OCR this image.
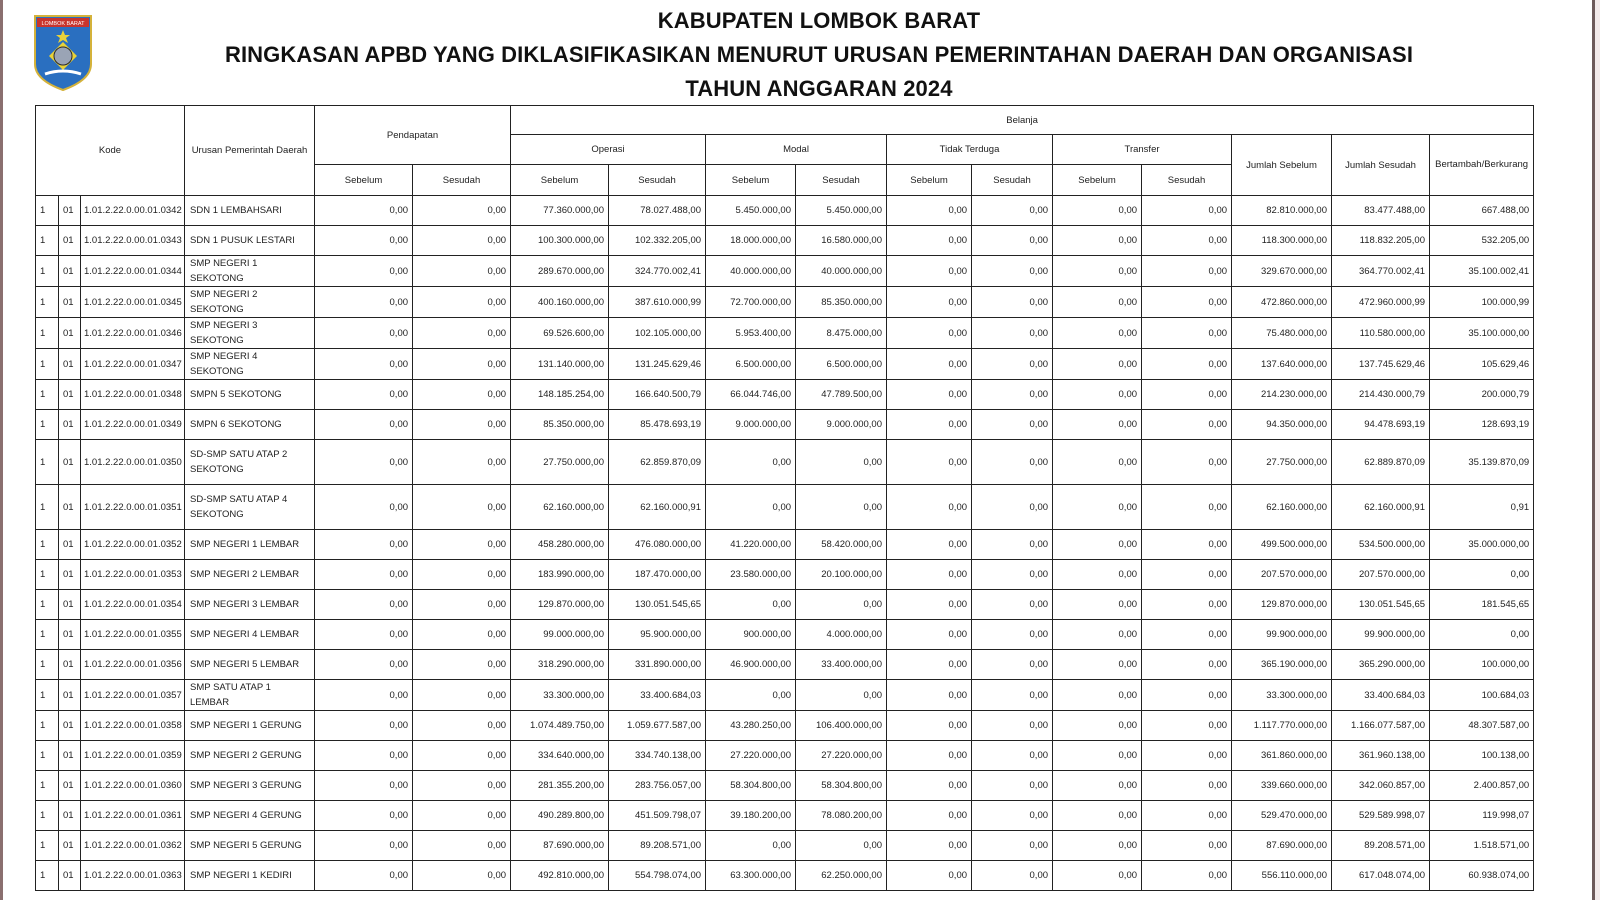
LOMBOK BARAT	KABUPATEN LOMBOK BARAT
RINGKASAN APBD YANG DIKLASIFIKASIKAN MENURUT URUSAN PEMERINTAHAN DAERAH DAN ORGANISASI
TAHUN ANGGARAN 2024
Kode			Urusan Pemerintah Daerah	Pendapatan		Belanja										
						Operasi		Modal		Tidak Terduga		Transfer		Jumlah Sebelum	Jumlah Sesudah	Bertambah/Berkurang
				Sebelum	Sesudah	Sebelum	Sesudah	Sebelum	Sesudah	Sebelum	Sesudah	Sebelum	Sesudah			
1	01	1.01.2.22.0.00.01.0342	SDN 1 LEMBAHSARI	0,00	0,00	77.360.000,00	78.027.488,00	5.450.000,00	5.450.000,00	0,00	0,00	0,00	0,00	82.810.000,00	83.477.488,00	667.488,00
1	01	1.01.2.22.0.00.01.0343	SDN 1 PUSUK LESTARI	0,00	0,00	100.300.000,00	102.332.205,00	18.000.000,00	16.580.000,00	0,00	0,00	0,00	0,00	118.300.000,00	118.832.205,00	532.205,00
1	01	1.01.2.22.0.00.01.0344	SMP NEGERI 1 SEKOTONG	0,00	0,00	289.670.000,00	324.770.002,41	40.000.000,00	40.000.000,00	0,00	0,00	0,00	0,00	329.670.000,00	364.770.002,41	35.100.002,41
1	01	1.01.2.22.0.00.01.0345	SMP NEGERI 2 SEKOTONG	0,00	0,00	400.160.000,00	387.610.000,99	72.700.000,00	85.350.000,00	0,00	0,00	0,00	0,00	472.860.000,00	472.960.000,99	100.000,99
1	01	1.01.2.22.0.00.01.0346	SMP NEGERI 3 SEKOTONG	0,00	0,00	69.526.600,00	102.105.000,00	5.953.400,00	8.475.000,00	0,00	0,00	0,00	0,00	75.480.000,00	110.580.000,00	35.100.000,00
1	01	1.01.2.22.0.00.01.0347	SMP NEGERI 4 SEKOTONG	0,00	0,00	131.140.000,00	131.245.629,46	6.500.000,00	6.500.000,00	0,00	0,00	0,00	0,00	137.640.000,00	137.745.629,46	105.629,46
1	01	1.01.2.22.0.00.01.0348	SMPN 5 SEKOTONG	0,00	0,00	148.185.254,00	166.640.500,79	66.044.746,00	47.789.500,00	0,00	0,00	0,00	0,00	214.230.000,00	214.430.000,79	200.000,79
1	01	1.01.2.22.0.00.01.0349	SMPN 6 SEKOTONG	0,00	0,00	85.350.000,00	85.478.693,19	9.000.000,00	9.000.000,00	0,00	0,00	0,00	0,00	94.350.000,00	94.478.693,19	128.693,19
1	01	1.01.2.22.0.00.01.0350	SD-SMP SATU ATAP 2 SEKOTONG	0,00	0,00	27.750.000,00	62.859.870,09	0,00	0,00	0,00	0,00	0,00	0,00	27.750.000,00	62.889.870,09	35.139.870,09
1	01	1.01.2.22.0.00.01.0351	SD-SMP SATU ATAP 4 SEKOTONG	0,00	0,00	62.160.000,00	62.160.000,91	0,00	0,00	0,00	0,00	0,00	0,00	62.160.000,00	62.160.000,91	0,91
1	01	1.01.2.22.0.00.01.0352	SMP NEGERI 1 LEMBAR	0,00	0,00	458.280.000,00	476.080.000,00	41.220.000,00	58.420.000,00	0,00	0,00	0,00	0,00	499.500.000,00	534.500.000,00	35.000.000,00
1	01	1.01.2.22.0.00.01.0353	SMP NEGERI 2 LEMBAR	0,00	0,00	183.990.000,00	187.470.000,00	23.580.000,00	20.100.000,00	0,00	0,00	0,00	0,00	207.570.000,00	207.570.000,00	0,00
1	01	1.01.2.22.0.00.01.0354	SMP NEGERI 3 LEMBAR	0,00	0,00	129.870.000,00	130.051.545,65	0,00	0,00	0,00	0,00	0,00	0,00	129.870.000,00	130.051.545,65	181.545,65
1	01	1.01.2.22.0.00.01.0355	SMP NEGERI 4 LEMBAR	0,00	0,00	99.000.000,00	95.900.000,00	900.000,00	4.000.000,00	0,00	0,00	0,00	0,00	99.900.000,00	99.900.000,00	0,00
1	01	1.01.2.22.0.00.01.0356	SMP NEGERI 5 LEMBAR	0,00	0,00	318.290.000,00	331.890.000,00	46.900.000,00	33.400.000,00	0,00	0,00	0,00	0,00	365.190.000,00	365.290.000,00	100.000,00
1	01	1.01.2.22.0.00.01.0357	SMP SATU ATAP 1 LEMBAR	0,00	0,00	33.300.000,00	33.400.684,03	0,00	0,00	0,00	0,00	0,00	0,00	33.300.000,00	33.400.684,03	100.684,03
1	01	1.01.2.22.0.00.01.0358	SMP NEGERI 1 GERUNG	0,00	0,00	1.074.489.750,00	1.059.677.587,00	43.280.250,00	106.400.000,00	0,00	0,00	0,00	0,00	1.117.770.000,00	1.166.077.587,00	48.307.587,00
1	01	1.01.2.22.0.00.01.0359	SMP NEGERI 2 GERUNG	0,00	0,00	334.640.000,00	334.740.138,00	27.220.000,00	27.220.000,00	0,00	0,00	0,00	0,00	361.860.000,00	361.960.138,00	100.138,00
1	01	1.01.2.22.0.00.01.0360	SMP NEGERI 3 GERUNG	0,00	0,00	281.355.200,00	283.756.057,00	58.304.800,00	58.304.800,00	0,00	0,00	0,00	0,00	339.660.000,00	342.060.857,00	2.400.857,00
1	01	1.01.2.22.0.00.01.0361	SMP NEGERI 4 GERUNG	0,00	0,00	490.289.800,00	451.509.798,07	39.180.200,00	78.080.200,00	0,00	0,00	0,00	0,00	529.470.000,00	529.589.998,07	119.998,07
1	01	1.01.2.22.0.00.01.0362	SMP NEGERI 5 GERUNG	0,00	0,00	87.690.000,00	89.208.571,00	0,00	0,00	0,00	0,00	0,00	0,00	87.690.000,00	89.208.571,00	1.518.571,00
1	01	1.01.2.22.0.00.01.0363	SMP NEGERI 1 KEDIRI	0,00	0,00	492.810.000,00	554.798.074,00	63.300.000,00	62.250.000,00	0,00	0,00	0,00	0,00	556.110.000,00	617.048.074,00	60.938.074,00
